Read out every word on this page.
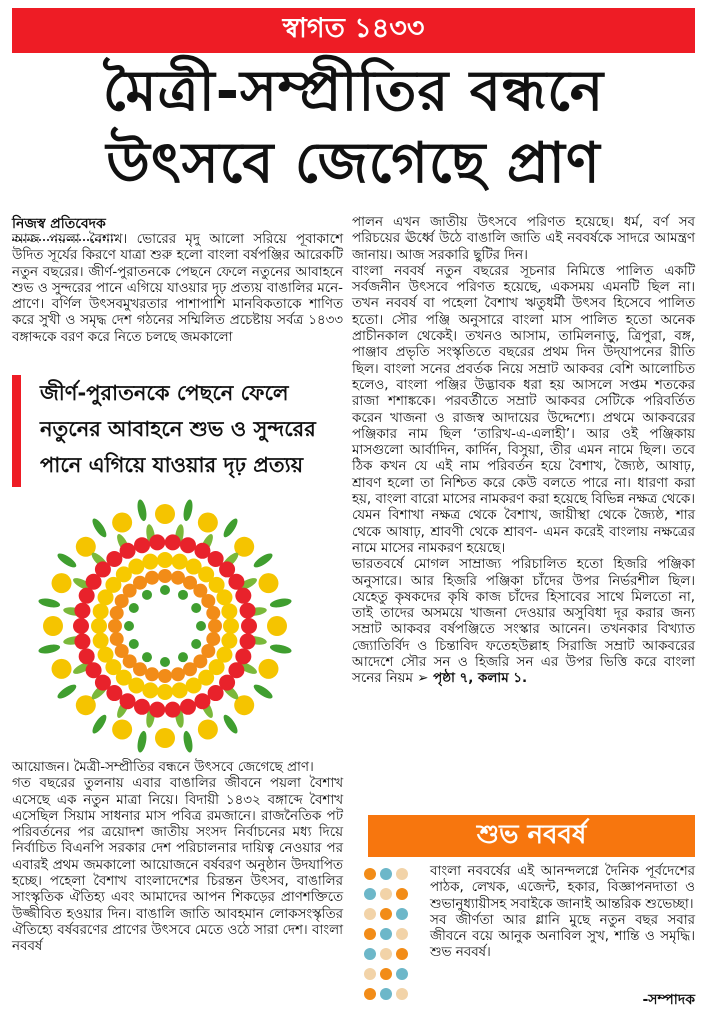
স্বাগত ১৪৩৩
মৈত্রী-সম্প্রীতির বন্ধনে
উৎসবে জেগেছে প্রাণ
নিজস্ব প্রতিবেদক

আজ পয়লা বৈশাখ। ভোরের মৃদু আলো সরিয়ে পূবাকাশে উদিত সূর্যের কিরণে যাত্রা শুরু হলো বাংলা বর্ষপঞ্জির আরেকটি নতুন বছরের। জীর্ণ-পুরাতনকে পেছনে ফেলে নতুনের আবাহনে শুভ ও সুন্দরের পানে এগিয়ে যাওয়ার দৃঢ় প্রত্যয় বাঙালির মনে-প্রাণে। বর্ণিল উৎসবমুখরতার পাশাপাশি মানবিকতাকে শাণিত করে সুখী ও সমৃদ্ধ দেশ গঠনের সম্মিলিত প্রচেষ্টায় সর্বত্র ১৪৩৩ বঙ্গাব্দকে বরণ করে নিতে চলছে জমকালো

জীর্ণ-পুরাতনকে পেছনে ফেলে নতুনের আবাহনে শুভ ও সুন্দরের পানে এগিয়ে যাওয়ার দৃঢ় প্রত্যয়

আয়োজন। মৈত্রী-সম্প্রীতির বন্ধনে উৎসবে জেগেছে প্রাণ।

গত বছরের তুলনায় এবার বাঙালির জীবনে পয়লা বৈশাখ এসেছে এক নতুন মাত্রা নিয়ে। বিদায়ী ১৪৩২ বঙ্গাব্দে বৈশাখ এসেছিল সিয়াম সাধনার মাস পবিত্র রমজানে। রাজনৈতিক পট পরিবর্তনের পর ত্রয়োদশ জাতীয় সংসদ নির্বাচনের মধ্য দিয়ে নির্বাচিত বিএনপি সরকার দেশ পরিচালনার দায়িত্ব নেওয়ার পর এবারই প্রথম জমকালো আয়োজনে বর্ষবরণ অনুষ্ঠান উদযাপিত হচ্ছে। পহেলা বৈশাখ বাংলাদেশের চিরন্তন উৎসব, বাঙালির সাংস্কৃতিক ঐতিহ্য এবং আমাদের আপন শিকড়ের প্রাণশক্তিতে উজ্জীবিত হওয়ার দিন। বাঙালি জাতি আবহমান লোকসংস্কৃতির ঐতিহ্যে বর্ষবরণের প্রাণের উৎসবে মেতে ওঠে সারা দেশ। বাংলা নববর্ষ

পালন এখন জাতীয় উৎসবে পরিণত হয়েছে। ধর্ম, বর্ণ সব পরিচয়ের ঊর্ধ্বে উঠে বাঙালি জাতি এই নববর্ষকে সাদরে আমন্ত্রণ জানায়। আজ সরকারি ছুটির দিন।

বাংলা নববর্ষ নতুন বছরের সূচনার নিমিত্তে পালিত একটি সর্বজনীন উৎসবে পরিণত হয়েছে, একসময় এমনটি ছিল না। তখন নববর্ষ বা পহেলা বৈশাখ ঋতুধর্মী উৎসব হিসেবে পালিত হতো। সৌর পঞ্জি অনুসারে বাংলা মাস পালিত হতো অনেক প্রাচীনকাল থেকেই। তখনও আসাম, তামিলনাড়ু, ত্রিপুরা, বঙ্গ, পাঞ্জাব প্রভৃতি সংস্কৃতিতে বছরের প্রথম দিন উদ্‌যাপনের রীতি ছিল। বাংলা সনের প্রবর্তক নিয়ে সম্রাট আকবর বেশি আলোচিত হলেও, বাংলা পঞ্জির উদ্ভাবক ধরা হয় আসলে সপ্তম শতকের রাজা শশাঙ্ককে। পরবর্তীতে সম্রাট আকবর সেটিকে পরিবর্তিত করেন খাজনা ও রাজস্ব আদায়ের উদ্দেশ্যে। প্রথমে আকবরের পঞ্জিকার নাম ছিল ‘তারিখ-এ-এলাহী’। আর ওই পঞ্জিকায় মাসগুলো আর্বাদিন, কার্দিন, বিসুয়া, তীর এমন নামে ছিল। তবে ঠিক কখন যে এই নাম পরিবর্তন হয়ে বৈশাখ, জ্যৈষ্ঠ, আষাঢ়, শ্রাবণ হলো তা নিশ্চিত করে কেউ বলতে পারে না। ধারণা করা হয়, বাংলা বারো মাসের নামকরণ করা হয়েছে বিভিন্ন নক্ষত্র থেকে। যেমন বিশাখা নক্ষত্র থেকে বৈশাখ, জায়ীস্থা থেকে জ্যৈষ্ঠ, শার থেকে আষাঢ়, শ্রাবণী থেকে শ্রাবণ- এমন করেই বাংলায় নক্ষত্রের নামে মাসের নামকরণ হয়েছে।

ভারতবর্ষে মোগল সাম্রাজ্য পরিচালিত হতো হিজরি পঞ্জিকা অনুসারে। আর হিজরি পঞ্জিকা চাঁদের উপর নির্ভরশীল ছিল। যেহেতু কৃষকদের কৃষি কাজ চাঁদের হিসাবের সাথে মিলতো না, তাই তাদের অসময়ে খাজনা দেওয়ার অসুবিধা দূর করার জন্য সম্রাট আকবর বর্ষপঞ্জিতে সংস্কার আনেন। তখনকার বিখ্যাত জ্যোতির্বিদ ও চিন্তাবিদ ফতেহউল্লাহ সিরাজি সম্রাট আকবরের আদেশে সৌর সন ও হিজরি সন এর উপর ভিত্তি করে বাংলা সনের নিয়ম ➢ পৃষ্ঠা ৭, কলাম ১.

শুভ নববর্ষ

বাংলা নববর্ষের এই আনন্দলগ্নে দৈনিক পূর্বদেশের পাঠক, লেখক, এজেন্ট, হকার, বিজ্ঞাপনদাতা ও শুভানুধ্যায়ীসহ সবাইকে জানাই আন্তরিক শুভেচ্ছা।

সব জীর্ণতা আর গ্লানি মুছে নতুন বছর সবার জীবনে বয়ে আনুক অনাবিল সুখ, শান্তি ও সমৃদ্ধি। শুভ নববর্ষ।

-সম্পাদক
